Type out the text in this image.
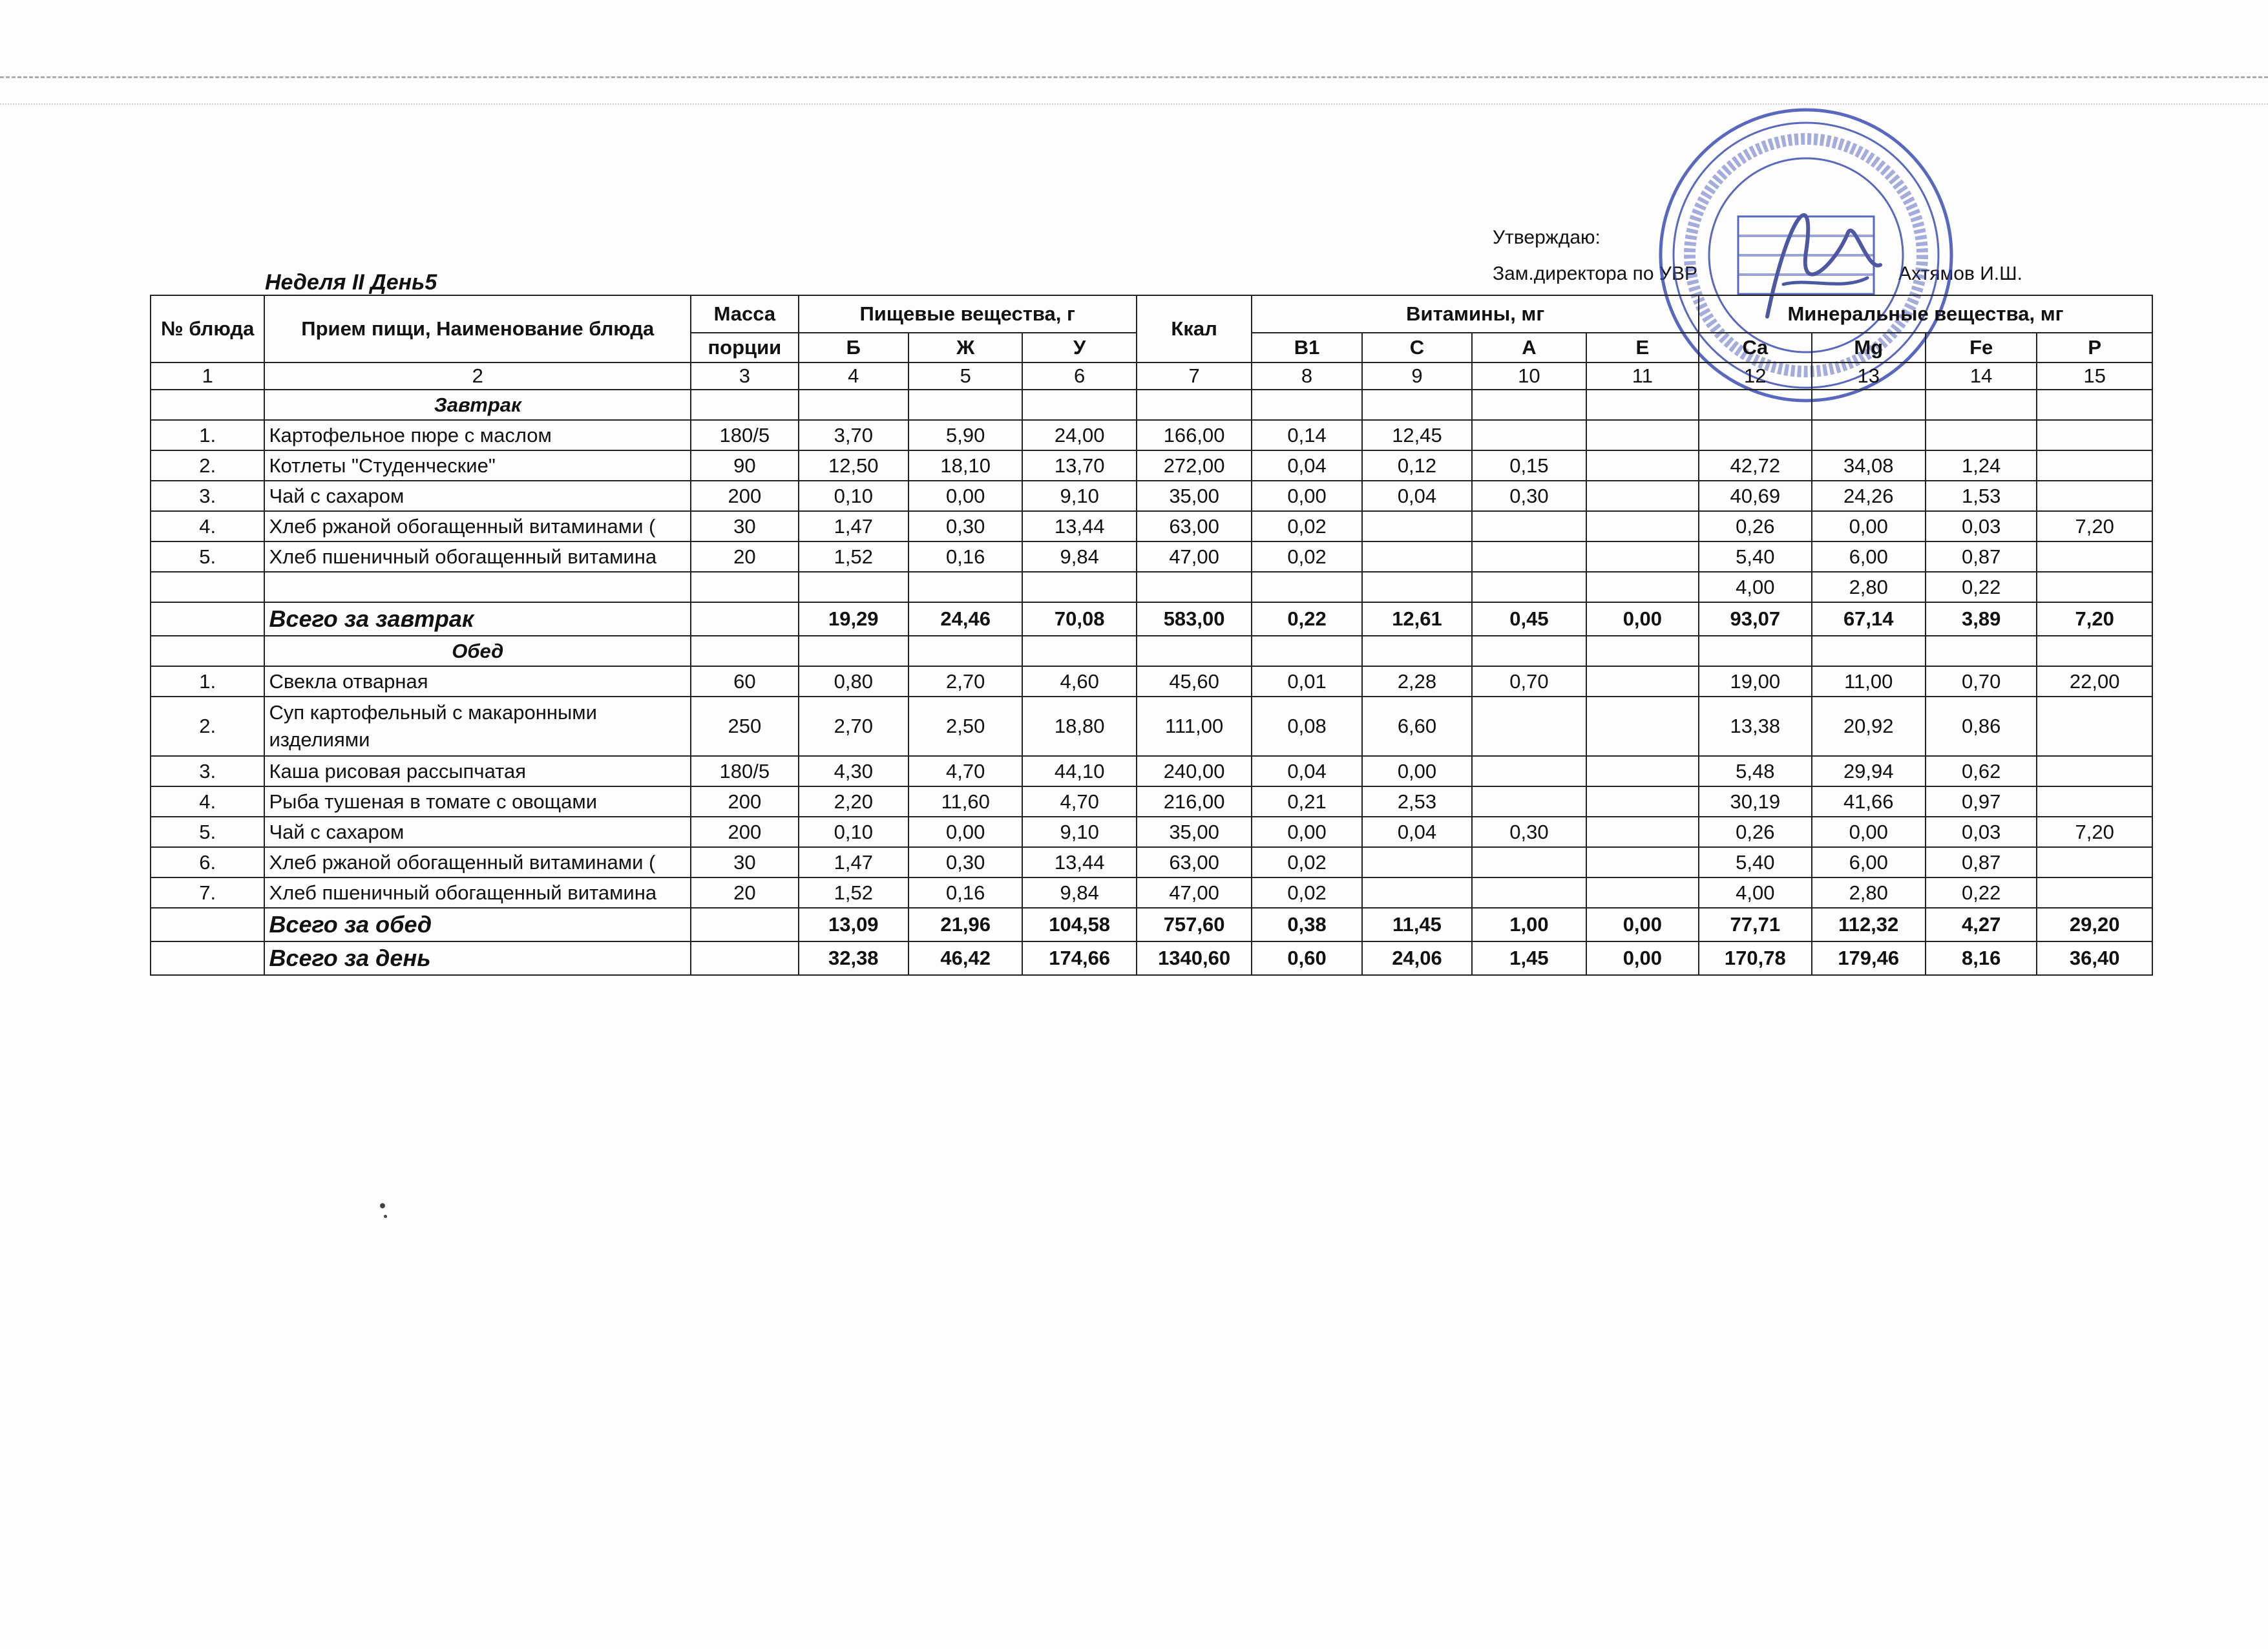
Утверждаю:
Зам.директора по УВР	Ахтямов И.Ш.
Неделя II День5
№ блюда	Прием пищи, Наименование блюда	Масса	Пищевые вещества, г			Ккал	Витамины, мг				Минеральные вещества, мг			
		порции	Б	Ж	У		В1	С	А	Е	Ca	Mg	Fe	P
1	2	3	4	5	6	7	8	9	10	11	12	13	14	15
	Завтрак													
1.	Картофельное пюре с маслом	180/5	3,70	5,90	24,00	166,00	0,14	12,45						
2.	Котлеты "Студенческие"	90	12,50	18,10	13,70	272,00	0,04	0,12	0,15		42,72	34,08	1,24	
3.	Чай с сахаром	200	0,10	0,00	9,10	35,00	0,00	0,04	0,30		40,69	24,26	1,53	
4.	Хлеб ржаной обогащенный витаминами (	30	1,47	0,30	13,44	63,00	0,02				0,26	0,00	0,03	7,20
5.	Хлеб пшеничный обогащенный витамина	20	1,52	0,16	9,84	47,00	0,02				5,40	6,00	0,87	
											4,00	2,80	0,22	
	Всего за завтрак		19,29	24,46	70,08	583,00	0,22	12,61	0,45	0,00	93,07	67,14	3,89	7,20
	Обед													
1.	Свекла отварная	60	0,80	2,70	4,60	45,60	0,01	2,28	0,70		19,00	11,00	0,70	22,00
2.	Суп картофельный с макаронными изделиями	250	2,70	2,50	18,80	111,00	0,08	6,60			13,38	20,92	0,86	
3.	Каша рисовая рассыпчатая	180/5	4,30	4,70	44,10	240,00	0,04	0,00			5,48	29,94	0,62	
4.	Рыба тушеная в томате с овощами	200	2,20	11,60	4,70	216,00	0,21	2,53			30,19	41,66	0,97	
5.	Чай с сахаром	200	0,10	0,00	9,10	35,00	0,00	0,04	0,30		0,26	0,00	0,03	7,20
6.	Хлеб ржаной обогащенный витаминами (	30	1,47	0,30	13,44	63,00	0,02				5,40	6,00	0,87	
7.	Хлеб пшеничный обогащенный витамина	20	1,52	0,16	9,84	47,00	0,02				4,00	2,80	0,22	
	Всего за обед		13,09	21,96	104,58	757,60	0,38	11,45	1,00	0,00	77,71	112,32	4,27	29,20
	Всего за день		32,38	46,42	174,66	1340,60	0,60	24,06	1,45	0,00	170,78	179,46	8,16	36,40
